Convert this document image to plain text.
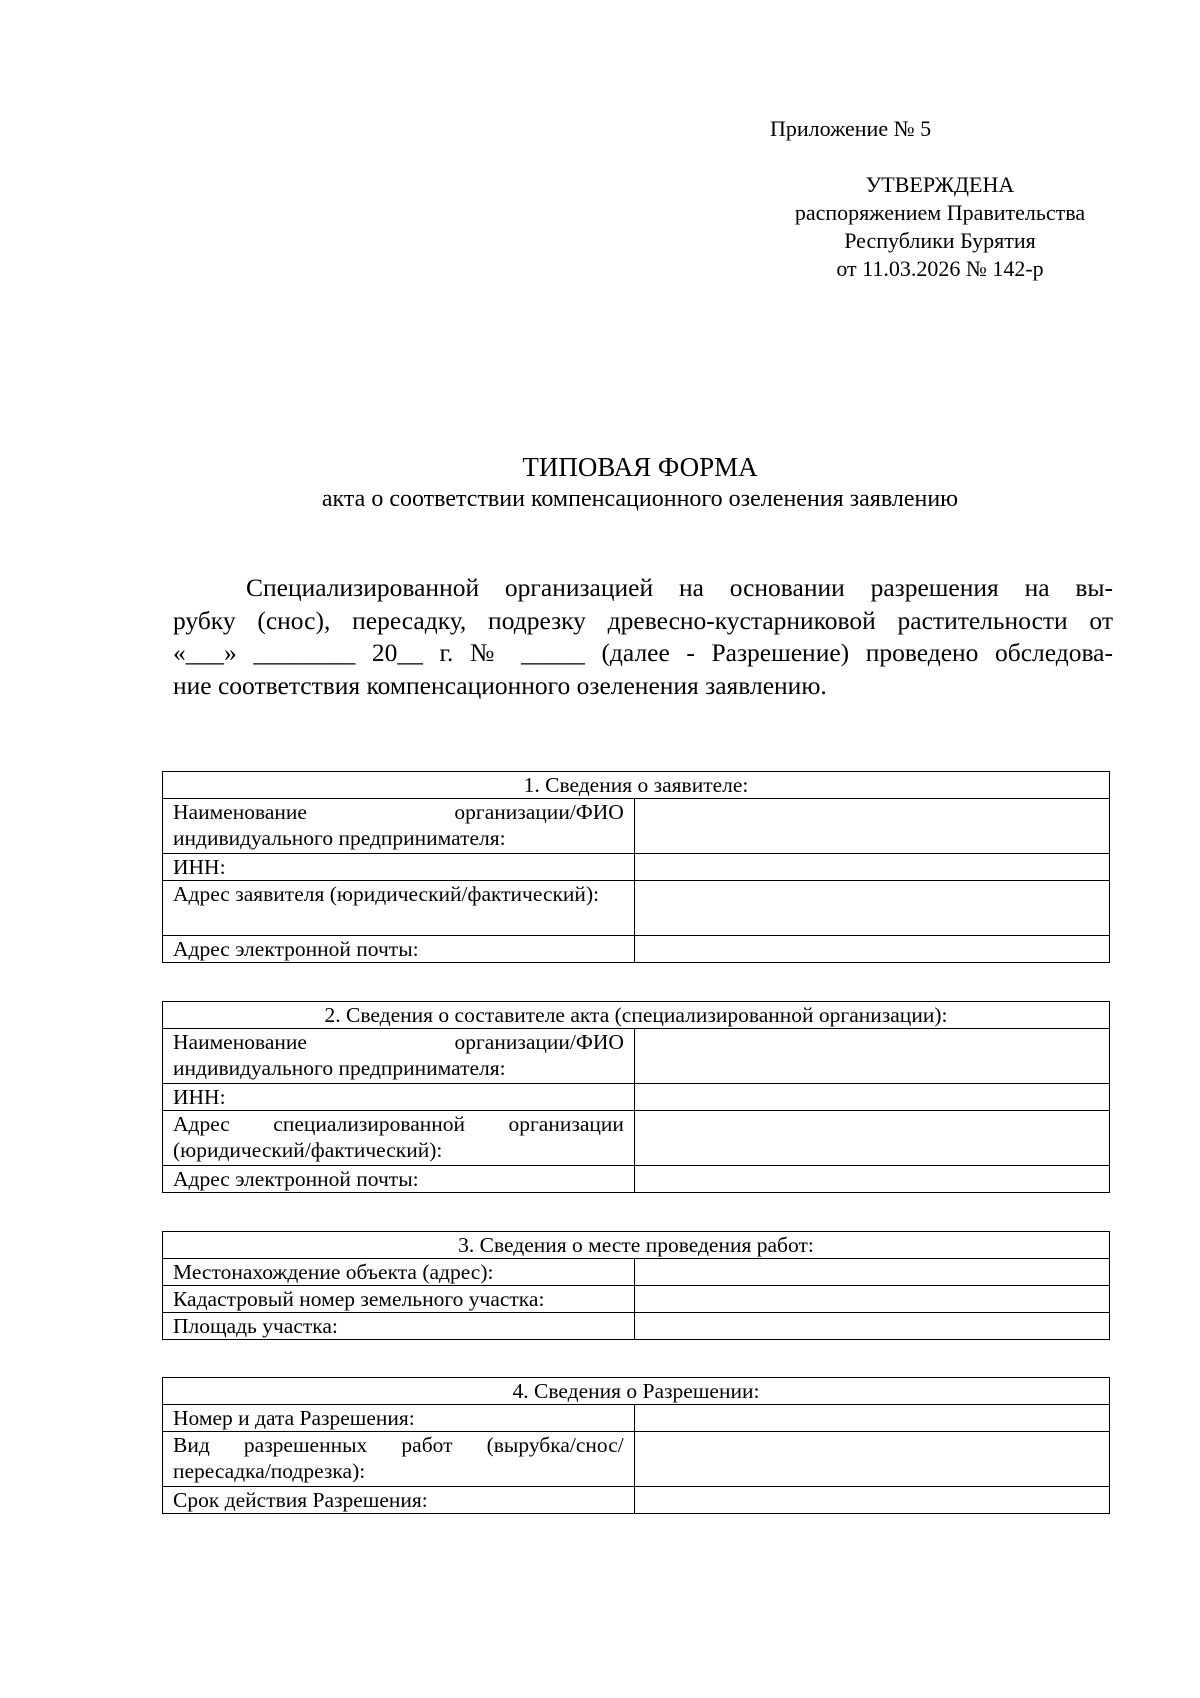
Приложение № 5
УТВЕРЖДЕНА
распоряжением Правительства
Республики Бурятия
от 11.03.2026 № 142-р
ТИПОВАЯ ФОРМА
акта о соответствии компенсационного озеленения заявлению
Специализированной организацией на основании разрешения на вы-
рубку (снос), пересадку, подрезку древесно-кустарниковой растительности от
«___» ________ 20__ г. № _____ (далее - Разрешение) проведено обследова-
ние соответствия компенсационного озеленения заявлению.
1. Сведения о заявителе:	
Наименование организации/ФИО индивидуального предпринимателя:	
ИНН:	
Адрес заявителя (юридический/фактический):	
Адрес электронной почты:	
2. Сведения о составителе акта (специализированной организации):	
Наименование организации/ФИО индивидуального предпринимателя:	
ИНН:	
Адрес специализированной организации (юридический/фактический):	
Адрес электронной почты:	
3. Сведения о месте проведения работ:	
Местонахождение объекта (адрес):	
Кадастровый номер земельного участка:	
Площадь участка:	
4. Сведения о Разрешении:	
Номер и дата Разрешения:	
Вид разрешенных работ (вырубка/снос/ пересадка/подрезка):	
Срок действия Разрешения:	
